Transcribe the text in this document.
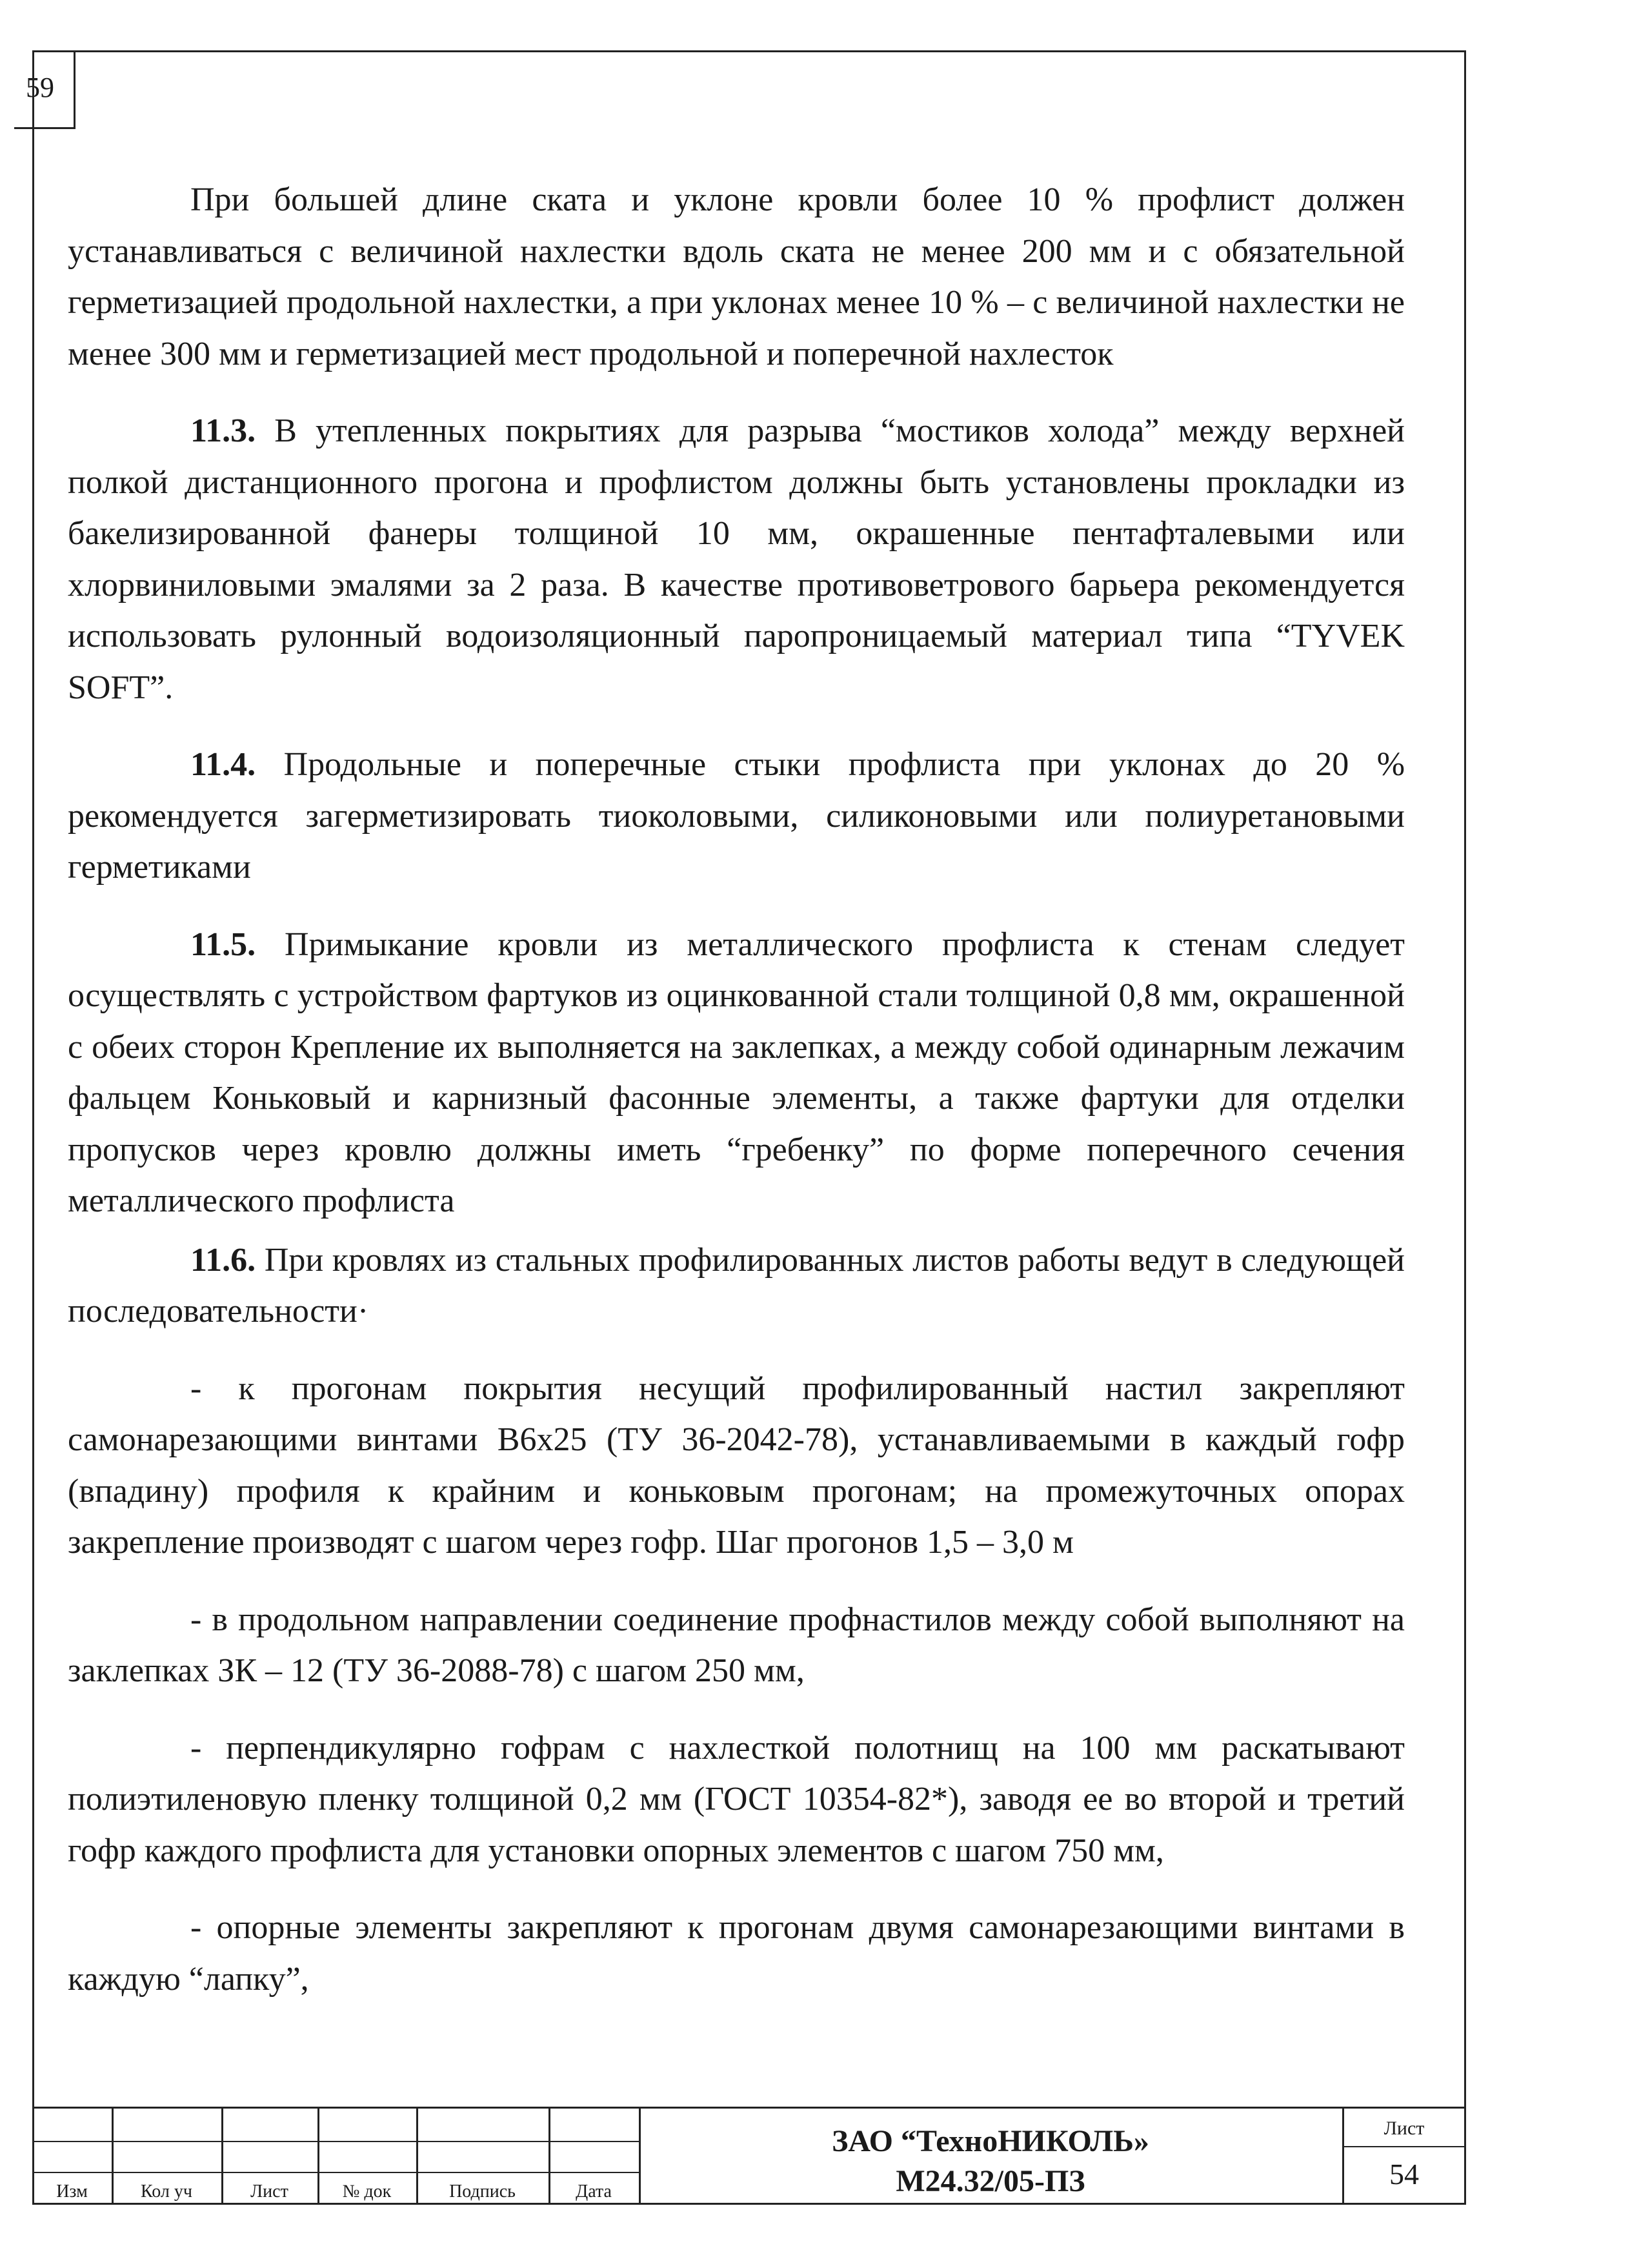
59

При большей длине ската и уклоне кровли более 10 % профлист должен устанавливаться с величиной нахлестки вдоль ската не менее 200 мм и с обязательной герметизацией продольной нахлестки, а при уклонах менее 10 % – с величиной нахлестки не менее 300 мм и герметизацией мест продольной и поперечной нахлесток

11.3. В утепленных покрытиях для разрыва “мостиков холода” между верхней полкой дистанционного прогона и профлистом должны быть установлены прокладки из бакелизированной фанеры толщиной 10 мм, окрашенные пентафталевыми или хлорвиниловыми эмалями за 2 раза. В качестве противоветрового барьера рекомендуется использовать рулонный водоизоляционный паропроницаемый материал типа “TYVEK SOFT”.

11.4. Продольные и поперечные стыки профлиста при уклонах до 20 % рекомендуется загерметизировать тиоколовыми, силиконовыми или полиуретановыми герметиками

11.5. Примыкание кровли из металлического профлиста к стенам следует осуществлять с устройством фартуков из оцинкованной стали толщиной 0,8 мм, окрашенной с обеих сторон Крепление их выполняется на заклепках, а между собой одинарным лежачим фальцем Коньковый и карнизный фасонные элементы, а также фартуки для отделки пропусков через кровлю должны иметь “гребенку” по форме поперечного сечения металлического профлиста

11.6. При кровлях из стальных профилированных листов работы ведут в следующей последовательности·

- к прогонам покрытия несущий профилированный настил закрепляют самонарезающими винтами В6х25 (ТУ 36-2042-78), устанавливаемыми в каждый гофр (впадину) профиля к крайним и коньковым прогонам; на промежуточных опорах закрепление производят с шагом через гофр. Шаг прогонов 1,5 – 3,0 м

- в продольном направлении соединение профнастилов между собой выполняют на заклепках ЗК – 12 (ТУ 36-2088-78) с шагом 250 мм,

- перпендикулярно гофрам с нахлесткой полотнищ на 100 мм раскатывают полиэтиленовую пленку толщиной 0,2 мм (ГОСТ 10354-82*), заводя ее во второй и третий гофр каждого профлиста для установки опорных элементов с шагом 750 мм,

- опорные элементы закрепляют к прогонам двумя самонарезающими винтами в каждую “лапку”,

Изм	Кол уч	Лист	№ док	Подпись	Дата
ЗАО “ТехноНИКОЛЬ»
М24.32/05-ПЗ
Лист
54
